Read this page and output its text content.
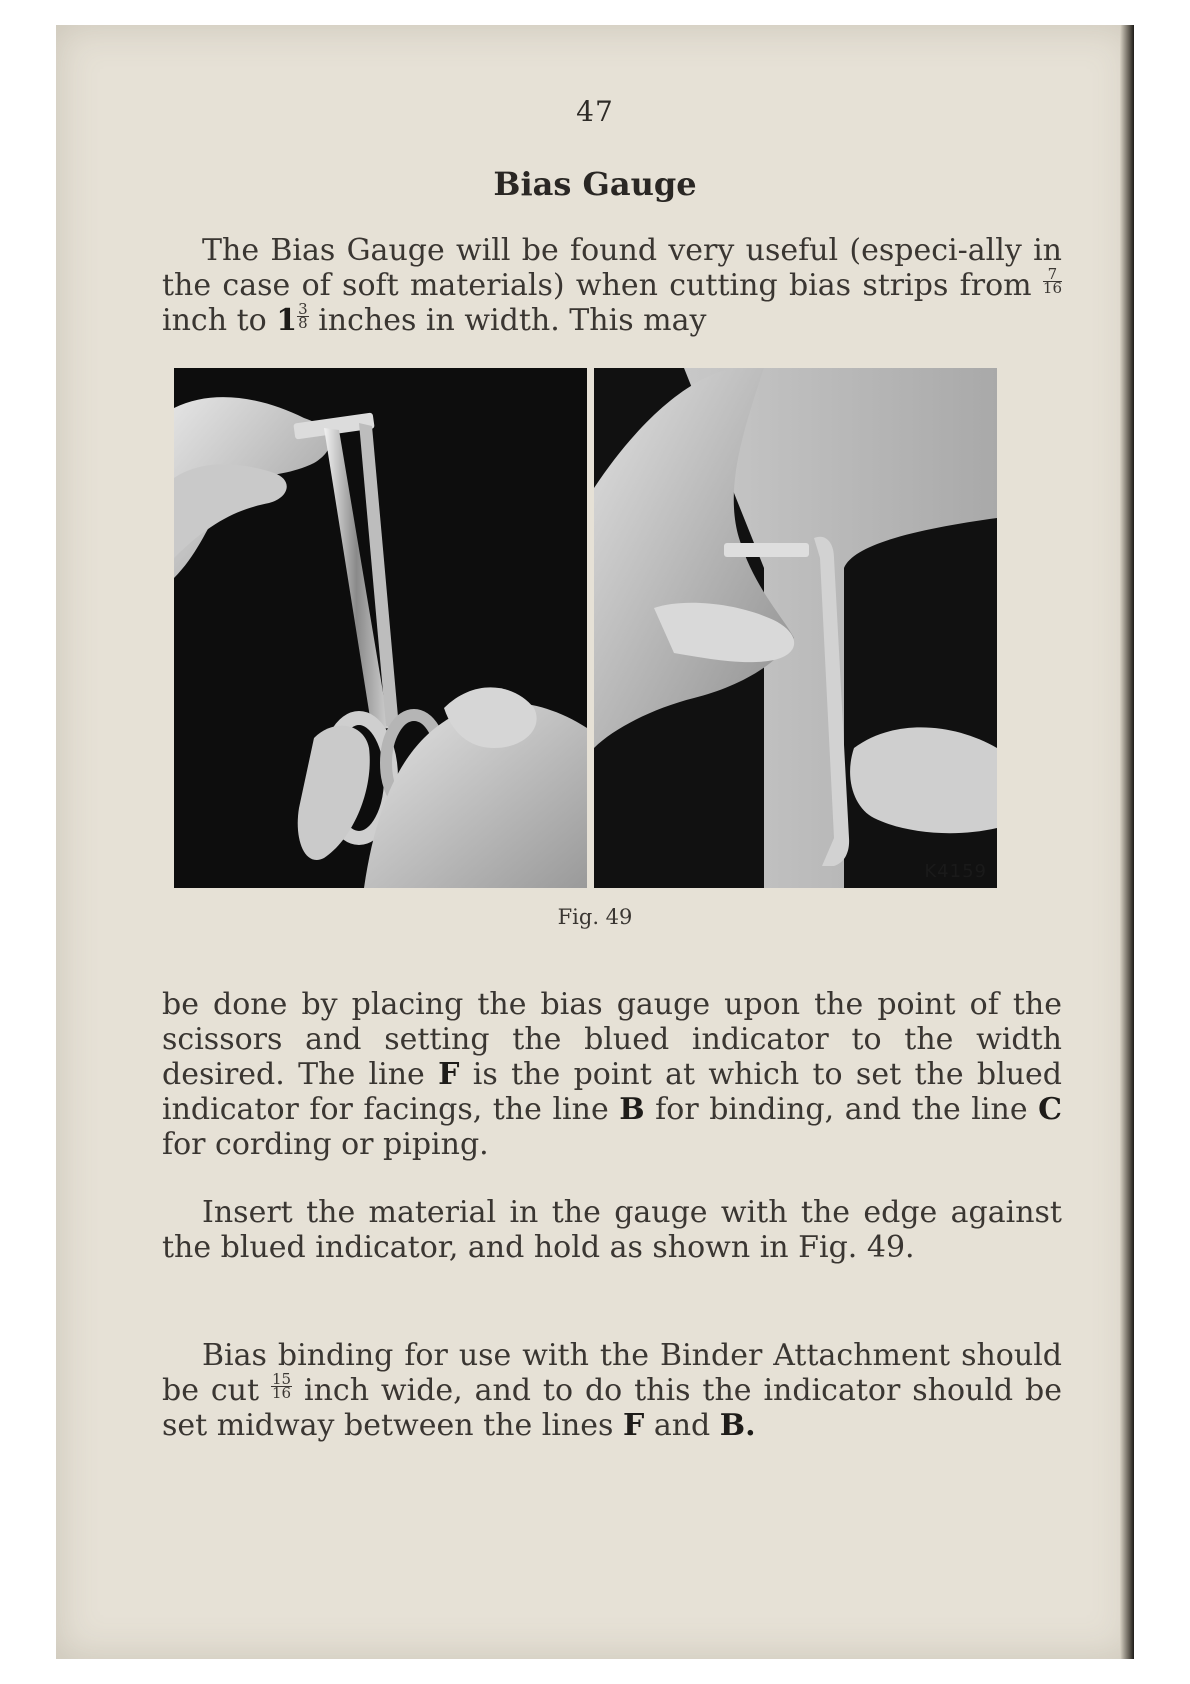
47
Bias Gauge
The Bias Gauge will be found very useful (especi-ally in the case of soft materials) when cutting bias strips from $\frac{7}{16}$
inch to $1 \frac{3}{8}$ inches in width. This may
K4159
Fig. 49
be done by placing the bias gauge upon the point of the scissors and setting the blued indicator to the width desired. The line F is the point at which to set the blued indicator for facings, the line B for binding, and the line C for cording or piping.
Insert the material in the gauge with the edge against the blued indicator, and hold as shown in Fig. 49.
Bias binding for use with the Binder Attachment should be cut $\frac{15}{16}$ inch wide, and to do this the indicator should be set midway between the lines F and B.
